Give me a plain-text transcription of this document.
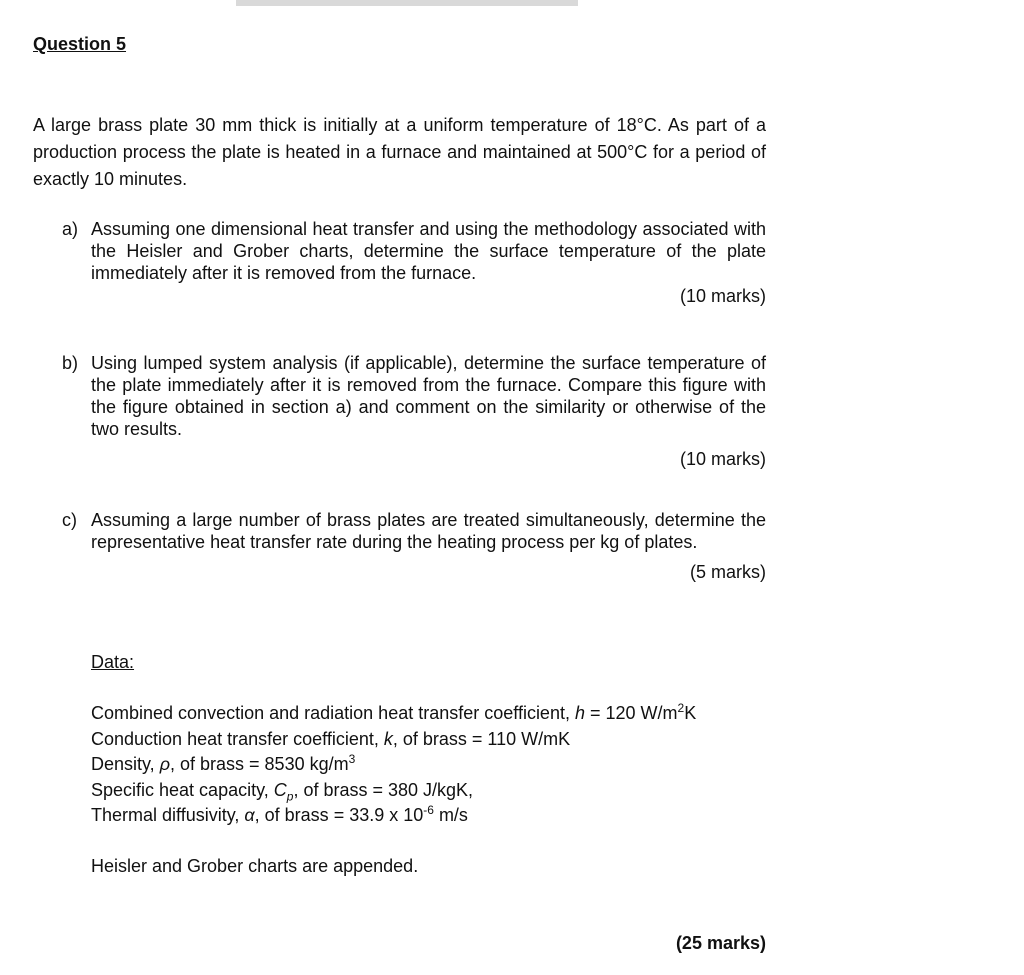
Question 5
A large brass plate 30 mm thick is initially at a uniform temperature of 18°C. As part of a production process the plate is heated in a furnace and maintained at 500°C for a period of exactly 10 minutes.
a) Assuming one dimensional heat transfer and using the methodology associated with the Heisler and Grober charts, determine the surface temperature of the plate immediately after it is removed from the furnace.
(10 marks)
b) Using lumped system analysis (if applicable), determine the surface temperature of the plate immediately after it is removed from the furnace. Compare this figure with the figure obtained in section a) and comment on the similarity or otherwise of the two results.
(10 marks)
c) Assuming a large number of brass plates are treated simultaneously, determine the representative heat transfer rate during the heating process per kg of plates.
(5 marks)
Data:
Combined convection and radiation heat transfer coefficient, h = 120 $W/m^2K$
Conduction heat transfer coefficient, k, of brass = 110 W/mK
Density, ρ, of brass = 8530 $kg/m^3$
Specific heat capacity, $C_p$, of brass = 380 J/kgK,
Thermal diffusivity, α, of brass = 33.9 x $10^{-6}$ m/s
Heisler and Grober charts are appended.
(25 marks)
